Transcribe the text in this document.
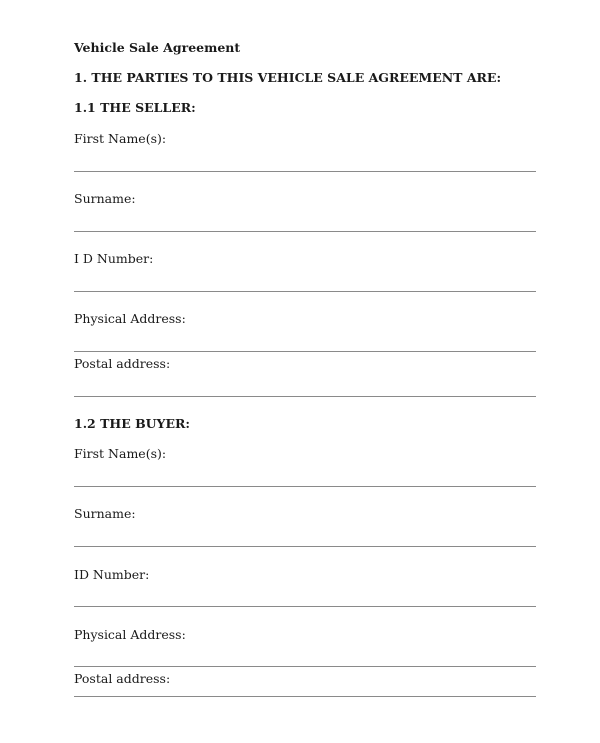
Vehicle Sale Agreement
1. THE PARTIES TO THIS VEHICLE SALE AGREEMENT ARE:
1.1 THE SELLER:
First Name(s):
Surname:
I D Number:
Physical Address:
Postal address:
1.2 THE BUYER:
First Name(s):
Surname:
ID Number:
Physical Address:
Postal address:
